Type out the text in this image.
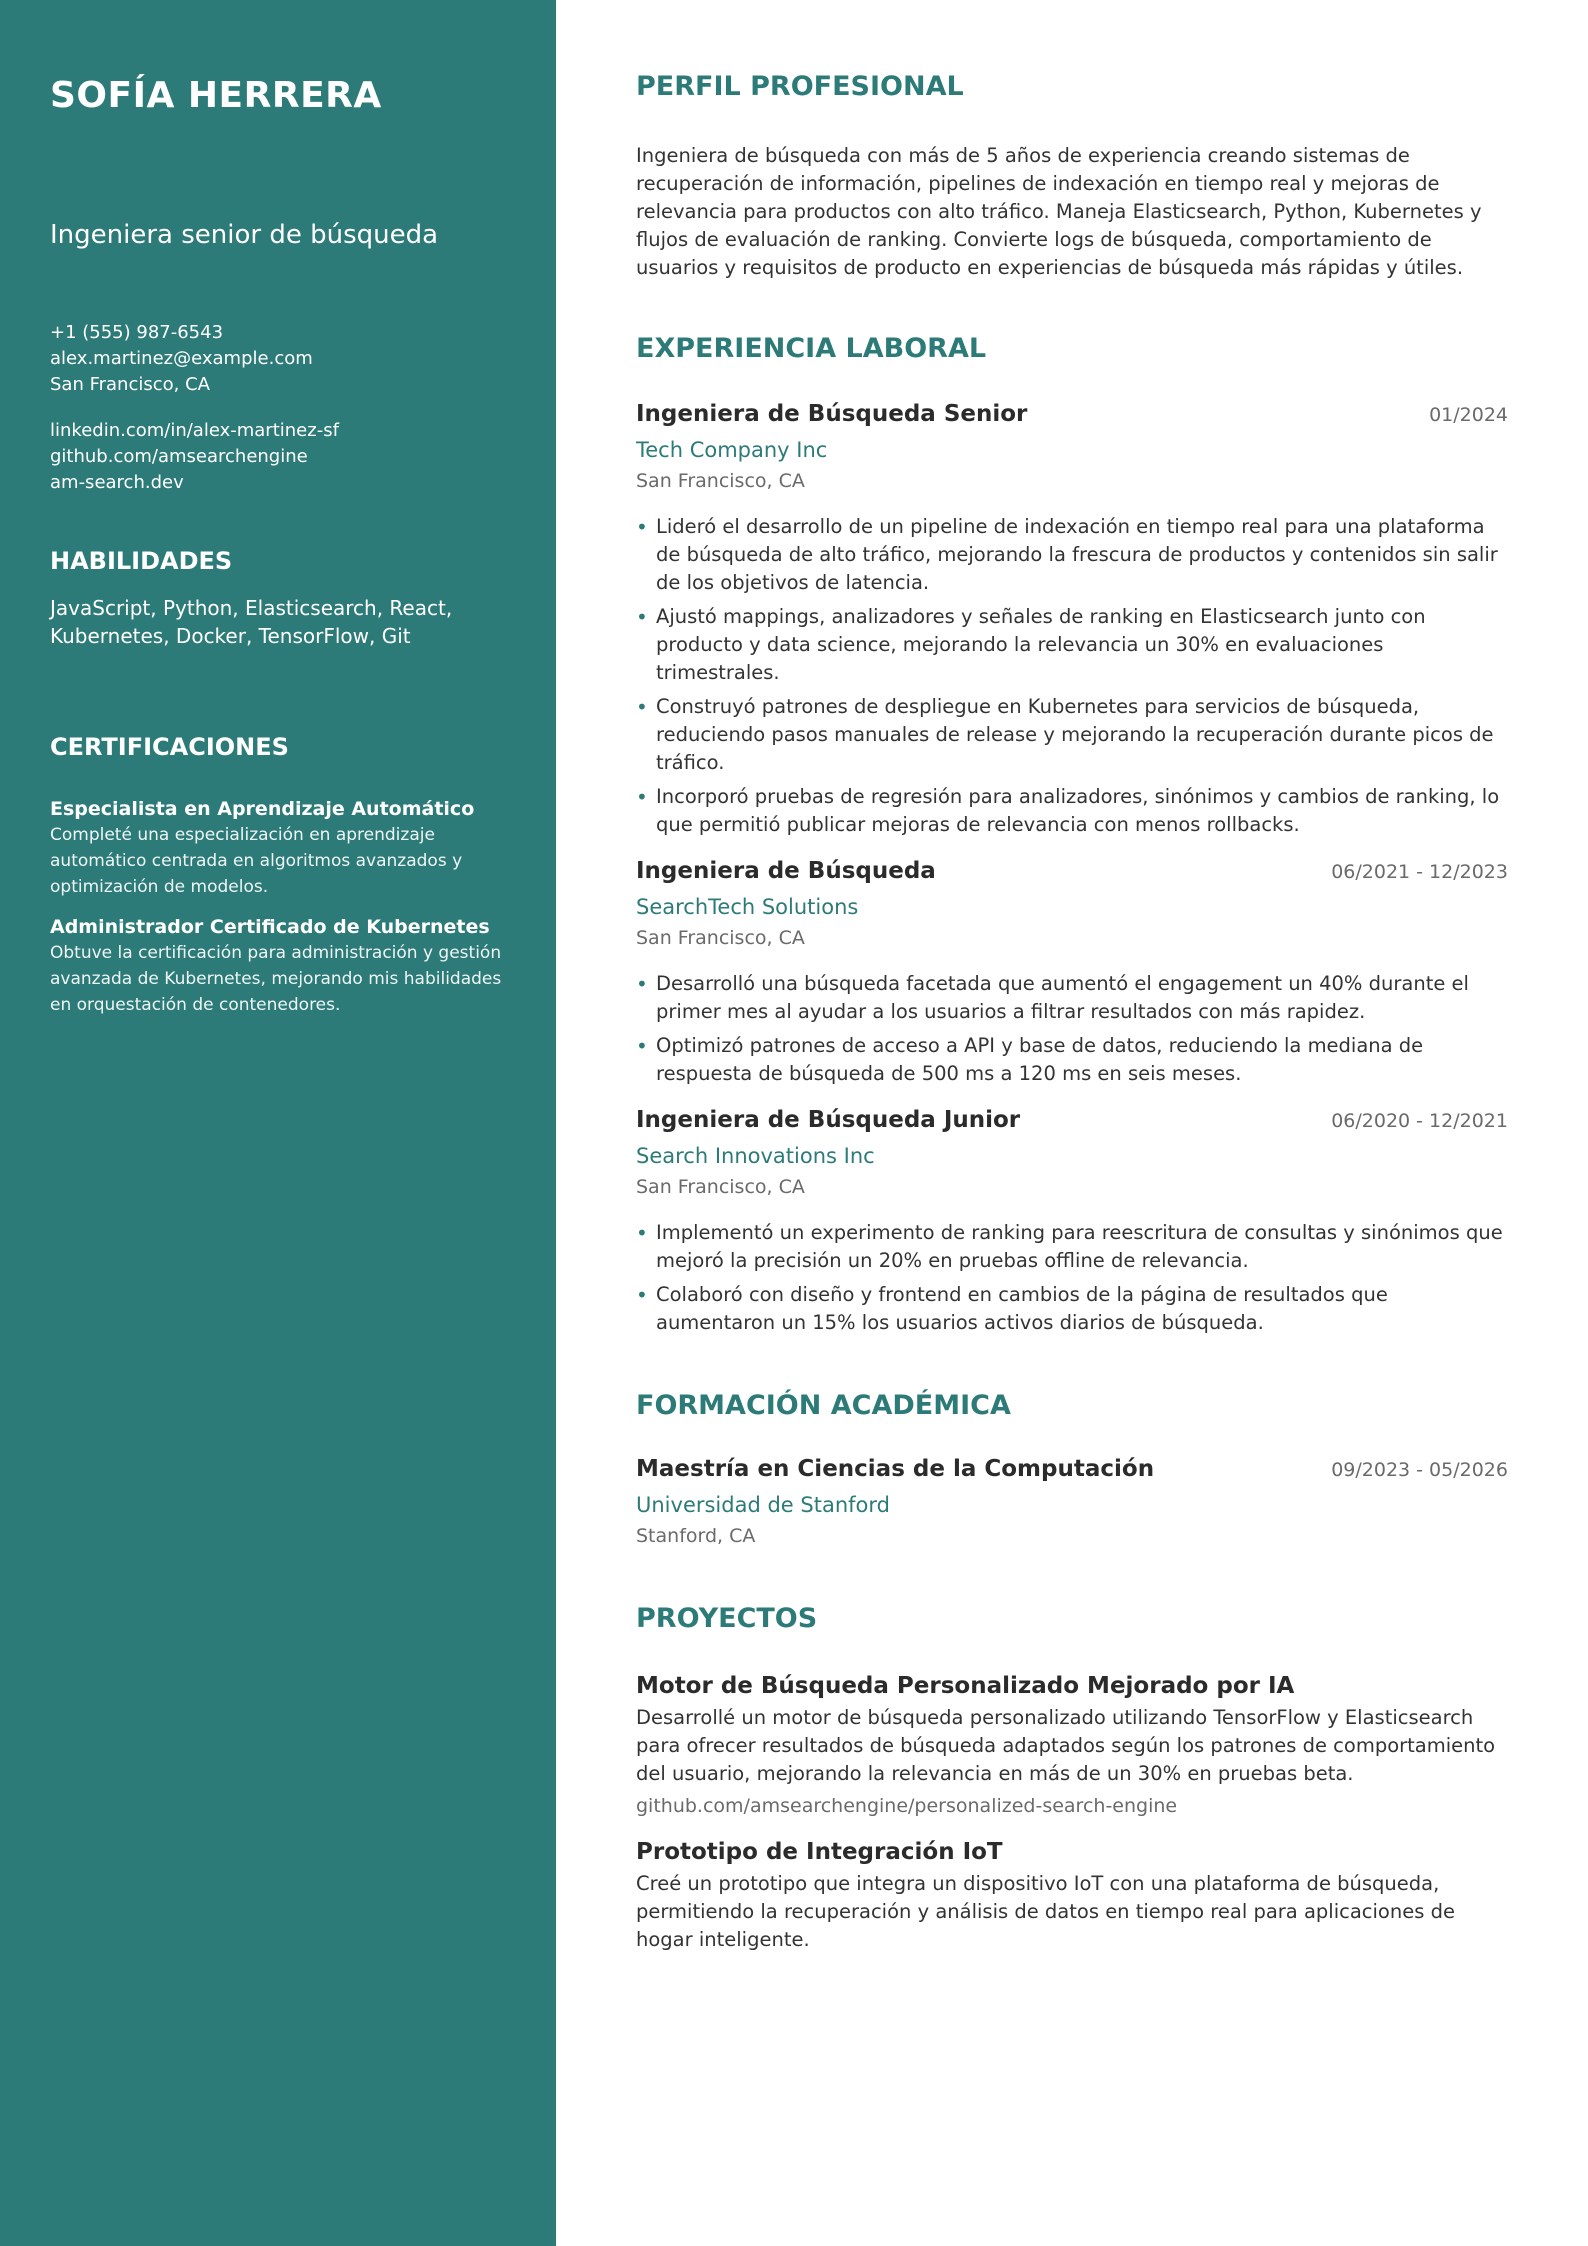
SOFÍA HERRERA
Ingeniera senior de búsqueda
+1 (555) 987-6543
alex.martinez@example.com
San Francisco, CA
linkedin.com/in/alex-martinez-sf
github.com/amsearchengine
am-search.dev
HABILIDADES
JavaScript, Python, Elasticsearch, React, Kubernetes, Docker, TensorFlow, Git
CERTIFICACIONES
Especialista en Aprendizaje Automático
Completé una especialización en aprendizaje automático centrada en algoritmos avanzados y optimización de modelos.
Administrador Certificado de Kubernetes
Obtuve la certificación para administración y gestión avanzada de Kubernetes, mejorando mis habilidades en orquestación de contenedores.
PERFIL PROFESIONAL

Ingeniera de búsqueda con más de 5 años de experiencia creando sistemas de recuperación de información, pipelines de indexación en tiempo real y mejoras de relevancia para productos con alto tráfico. Maneja Elasticsearch, Python, Kubernetes y flujos de evaluación de ranking. Convierte logs de búsqueda, comportamiento de usuarios y requisitos de producto en experiencias de búsqueda más rápidas y útiles.

EXPERIENCIA LABORAL
Ingeniera de Búsqueda Senior	01/2024
Tech Company Inc
San Francisco, CA
• Lideró el desarrollo de un pipeline de indexación en tiempo real para una plataforma de búsqueda de alto tráfico, mejorando la frescura de productos y contenidos sin salir de los objetivos de latencia.
• Ajustó mappings, analizadores y señales de ranking en Elasticsearch junto con producto y data science, mejorando la relevancia un 30% en evaluaciones trimestrales.
• Construyó patrones de despliegue en Kubernetes para servicios de búsqueda, reduciendo pasos manuales de release y mejorando la recuperación durante picos de tráfico.
• Incorporó pruebas de regresión para analizadores, sinónimos y cambios de ranking, lo que permitió publicar mejoras de relevancia con menos rollbacks.
Ingeniera de Búsqueda	06/2021 - 12/2023
SearchTech Solutions
San Francisco, CA
• Desarrolló una búsqueda facetada que aumentó el engagement un 40% durante el primer mes al ayudar a los usuarios a filtrar resultados con más rapidez.
• Optimizó patrones de acceso a API y base de datos, reduciendo la mediana de respuesta de búsqueda de 500 ms a 120 ms en seis meses.
Ingeniera de Búsqueda Junior	06/2020 - 12/2021
Search Innovations Inc
San Francisco, CA
• Implementó un experimento de ranking para reescritura de consultas y sinónimos que mejoró la precisión un 20% en pruebas offline de relevancia.
• Colaboró con diseño y frontend en cambios de la página de resultados que aumentaron un 15% los usuarios activos diarios de búsqueda.
FORMACIÓN ACADÉMICA
Maestría en Ciencias de la Computación	09/2023 - 05/2026
Universidad de Stanford
Stanford, CA
PROYECTOS
Motor de Búsqueda Personalizado Mejorado por IA
Desarrollé un motor de búsqueda personalizado utilizando TensorFlow y Elasticsearch para ofrecer resultados de búsqueda adaptados según los patrones de comportamiento del usuario, mejorando la relevancia en más de un 30% en pruebas beta.
github.com/amsearchengine/personalized-search-engine
Prototipo de Integración IoT
Creé un prototipo que integra un dispositivo IoT con una plataforma de búsqueda, permitiendo la recuperación y análisis de datos en tiempo real para aplicaciones de hogar inteligente.
